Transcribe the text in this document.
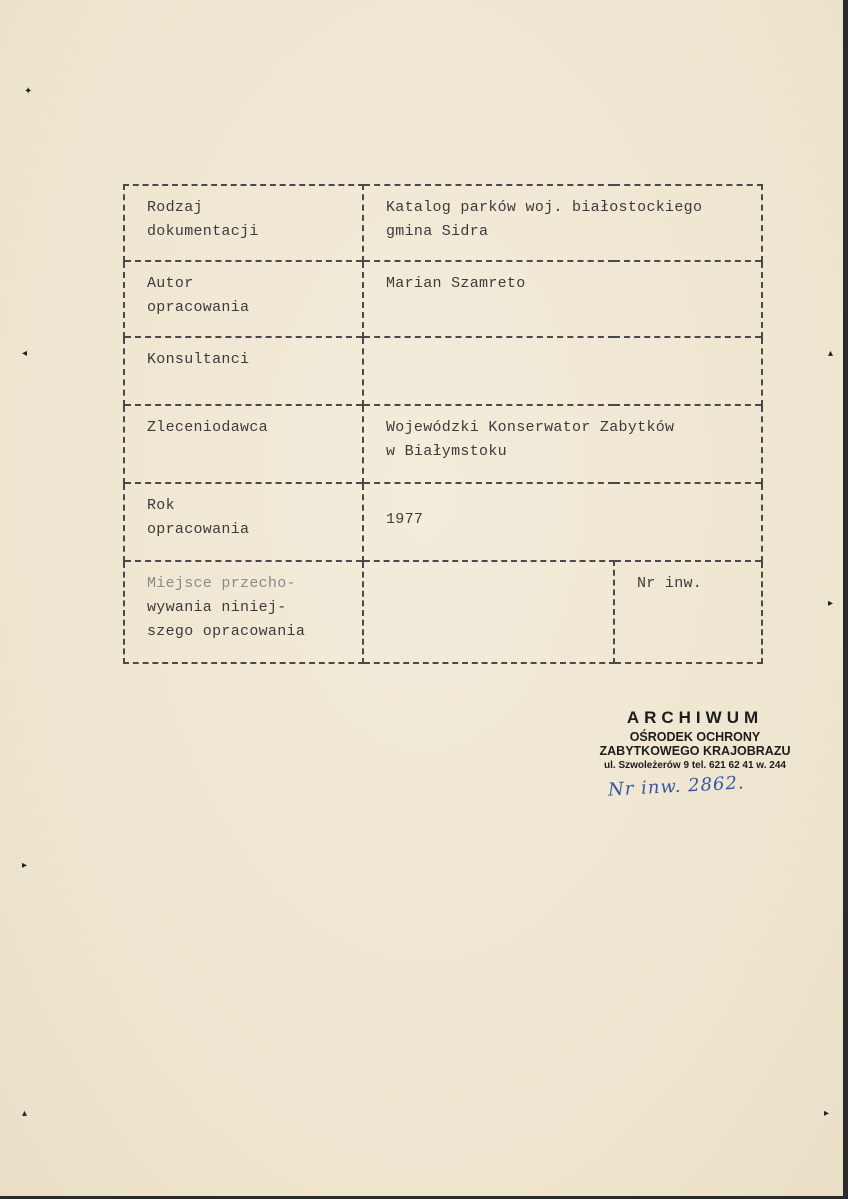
✦
◂	▴
▸
▸
▴	▸
Rodzaj
dokumentacji	Katalog parków woj. białostockiego
gmina Sidra	

Autor
opracowania	Marian Szamreto	

Konsultanci		

Zleceniodawca	Wojewódzki Konserwator Zabytków
w Białymstoku	

Rok
opracowania	1977	

Miejsce przecho-
wywania niniej-
szego opracowania		Nr inw.
ARCHIWUM
OŚRODEK OCHRONY
ZABYTKOWEGO KRAJOBRAZU
ul. Szwoleżerów 9 tel. 621 62 41 w. 244
Nr inw. 2862.
